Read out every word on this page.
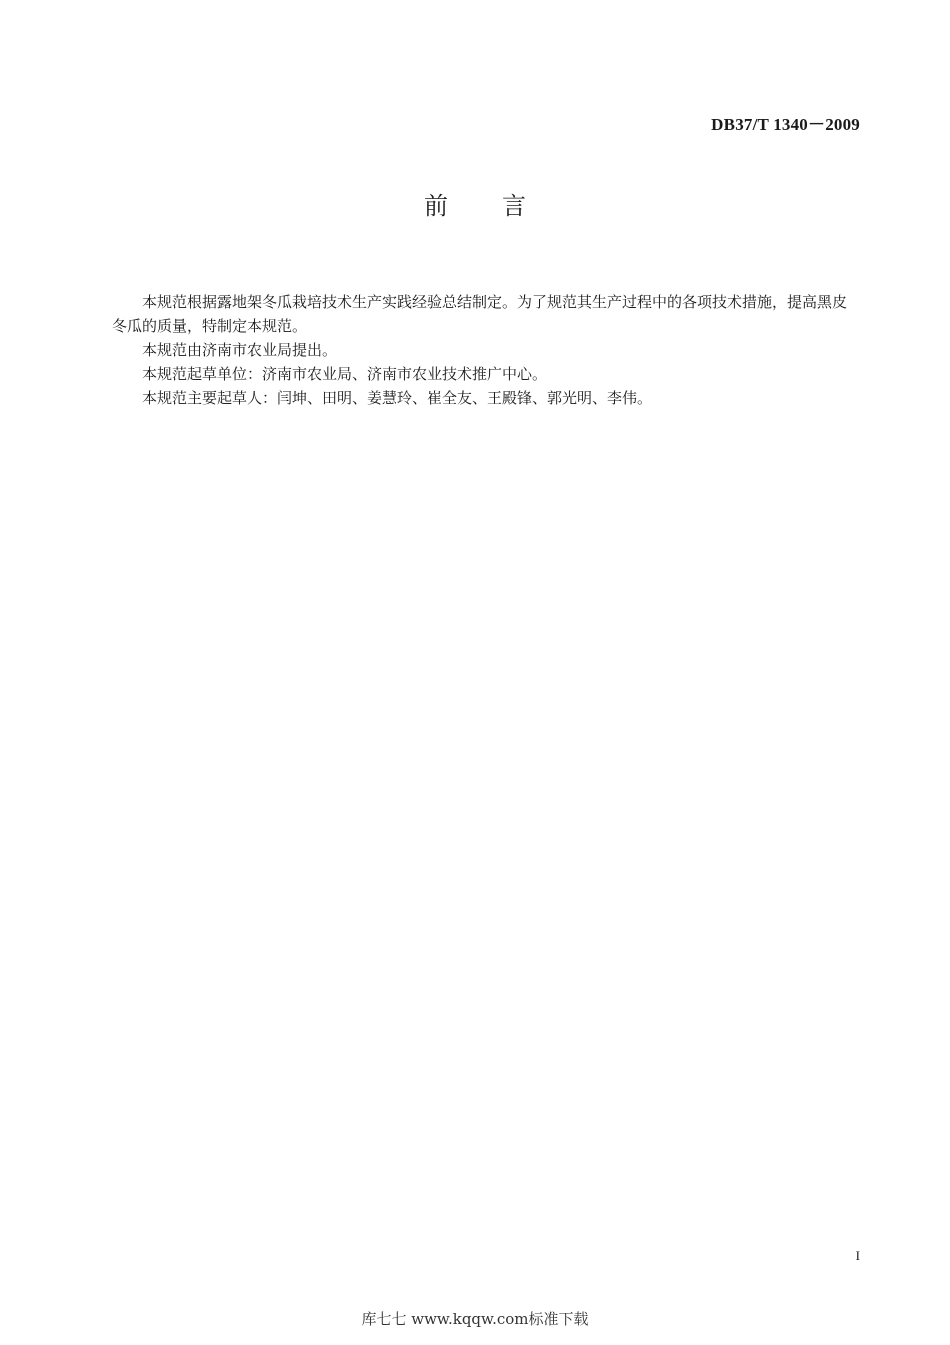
DB37/T 1340－2009
前言

本规范根据露地架冬瓜栽培技术生产实践经验总结制定。为了规范其生产过程中的各项技术措施，提高黑皮冬瓜的质量，特制定本规范。

本规范由济南市农业局提出。

本规范起草单位：济南市农业局、济南市农业技术推广中心。

本规范主要起草人：闫坤、田明、姜慧玲、崔全友、王殿锋、郭光明、李伟。

I
库七七 www.kqqw.com标准下载
